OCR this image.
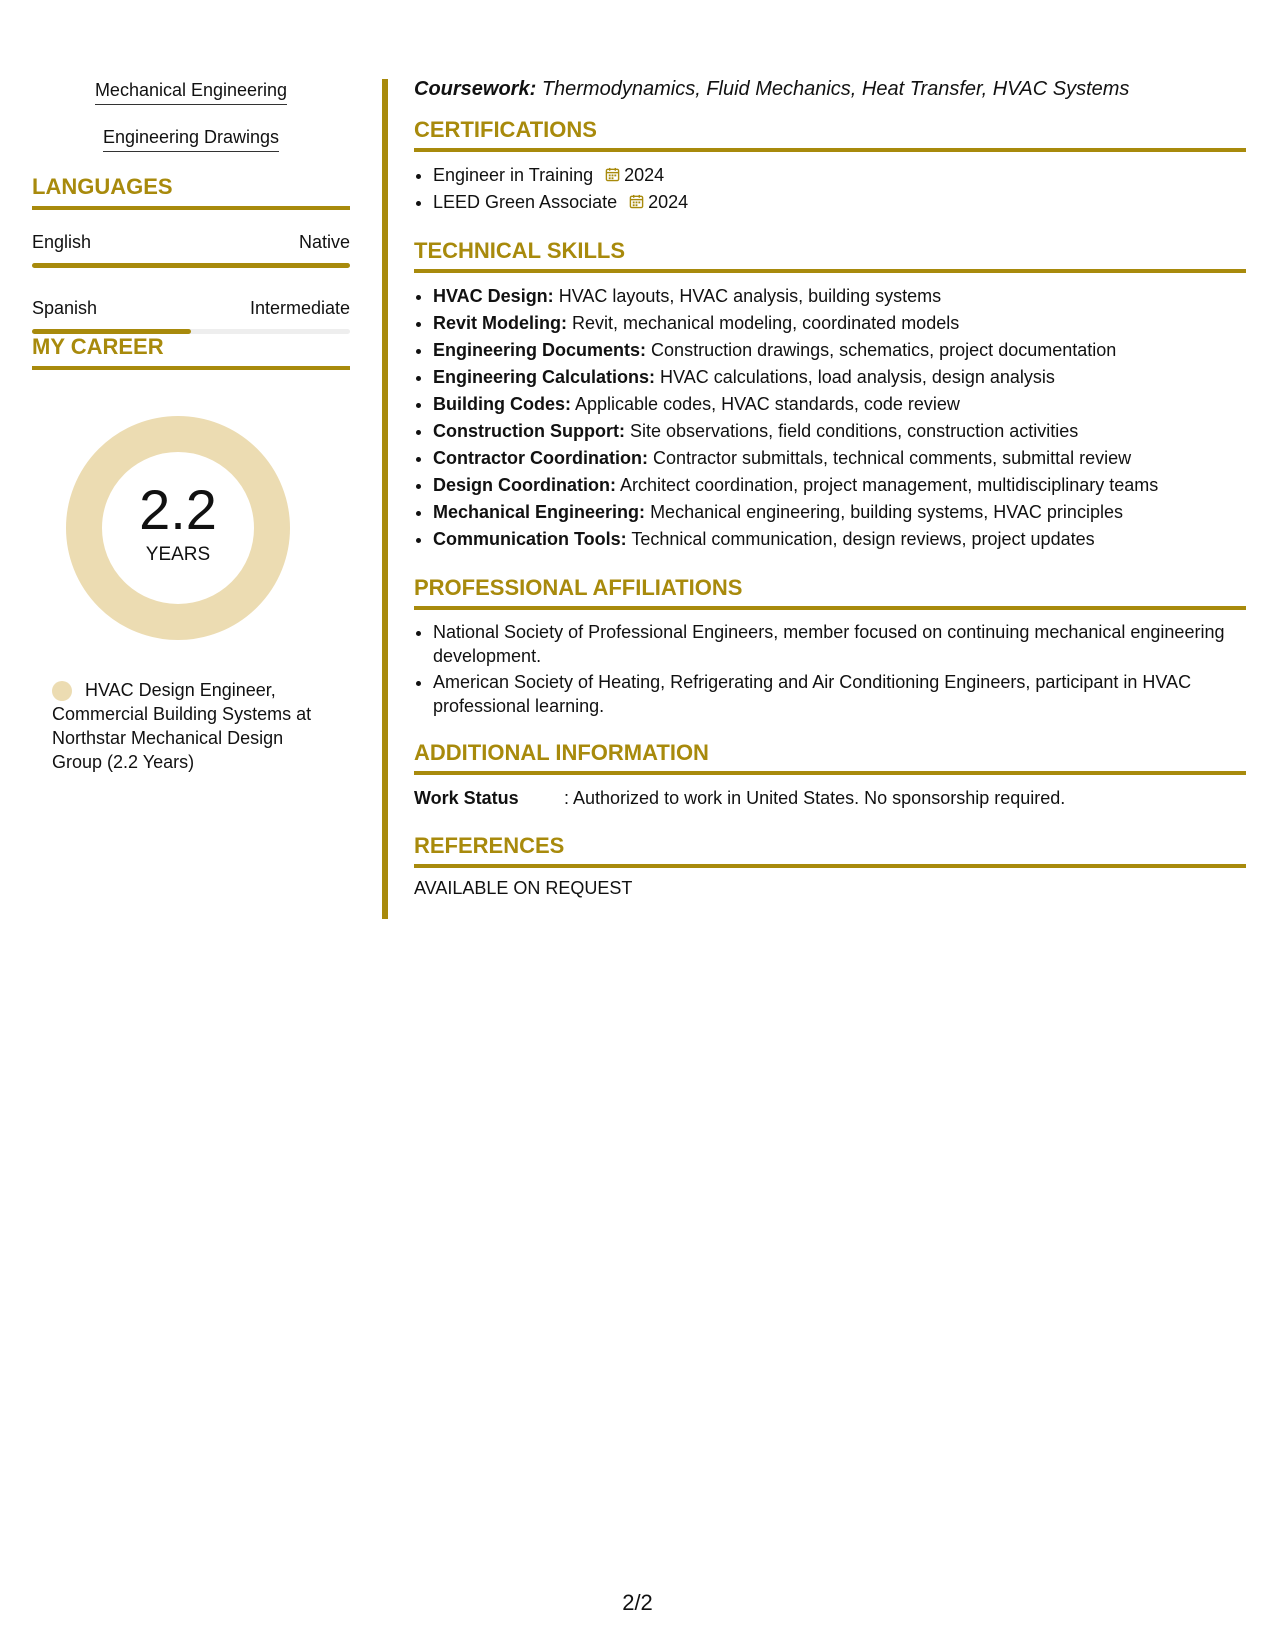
Mechanical Engineering
Engineering Drawings
LANGUAGES
English	Native
Spanish	Intermediate
MY CAREER
2.2
YEARS
HVAC Design Engineer, Commercial Building Systems at Northstar Mechanical Design Group (2.2 Years)

Coursework: Thermodynamics, Fluid Mechanics, Heat Transfer, HVAC Systems

CERTIFICATIONS
• Engineer in Training 2024
• LEED Green Associate 2024
TECHNICAL SKILLS
• HVAC Design: HVAC layouts, HVAC analysis, building systems
• Revit Modeling: Revit, mechanical modeling, coordinated models
• Engineering Documents: Construction drawings, schematics, project documentation
• Engineering Calculations: HVAC calculations, load analysis, design analysis
• Building Codes: Applicable codes, HVAC standards, code review
• Construction Support: Site observations, field conditions, construction activities
• Contractor Coordination: Contractor submittals, technical comments, submittal review
• Design Coordination: Architect coordination, project management, multidisciplinary teams
• Mechanical Engineering: Mechanical engineering, building systems, HVAC principles
• Communication Tools: Technical communication, design reviews, project updates
PROFESSIONAL AFFILIATIONS
• National Society of Professional Engineers, member focused on continuing mechanical engineering development.
• American Society of Heating, Refrigerating and Air Conditioning Engineers, participant in HVAC professional learning.
ADDITIONAL INFORMATION
Work Status	: Authorized to work in United States. No sponsorship required.
REFERENCES
AVAILABLE ON REQUEST
2/2
